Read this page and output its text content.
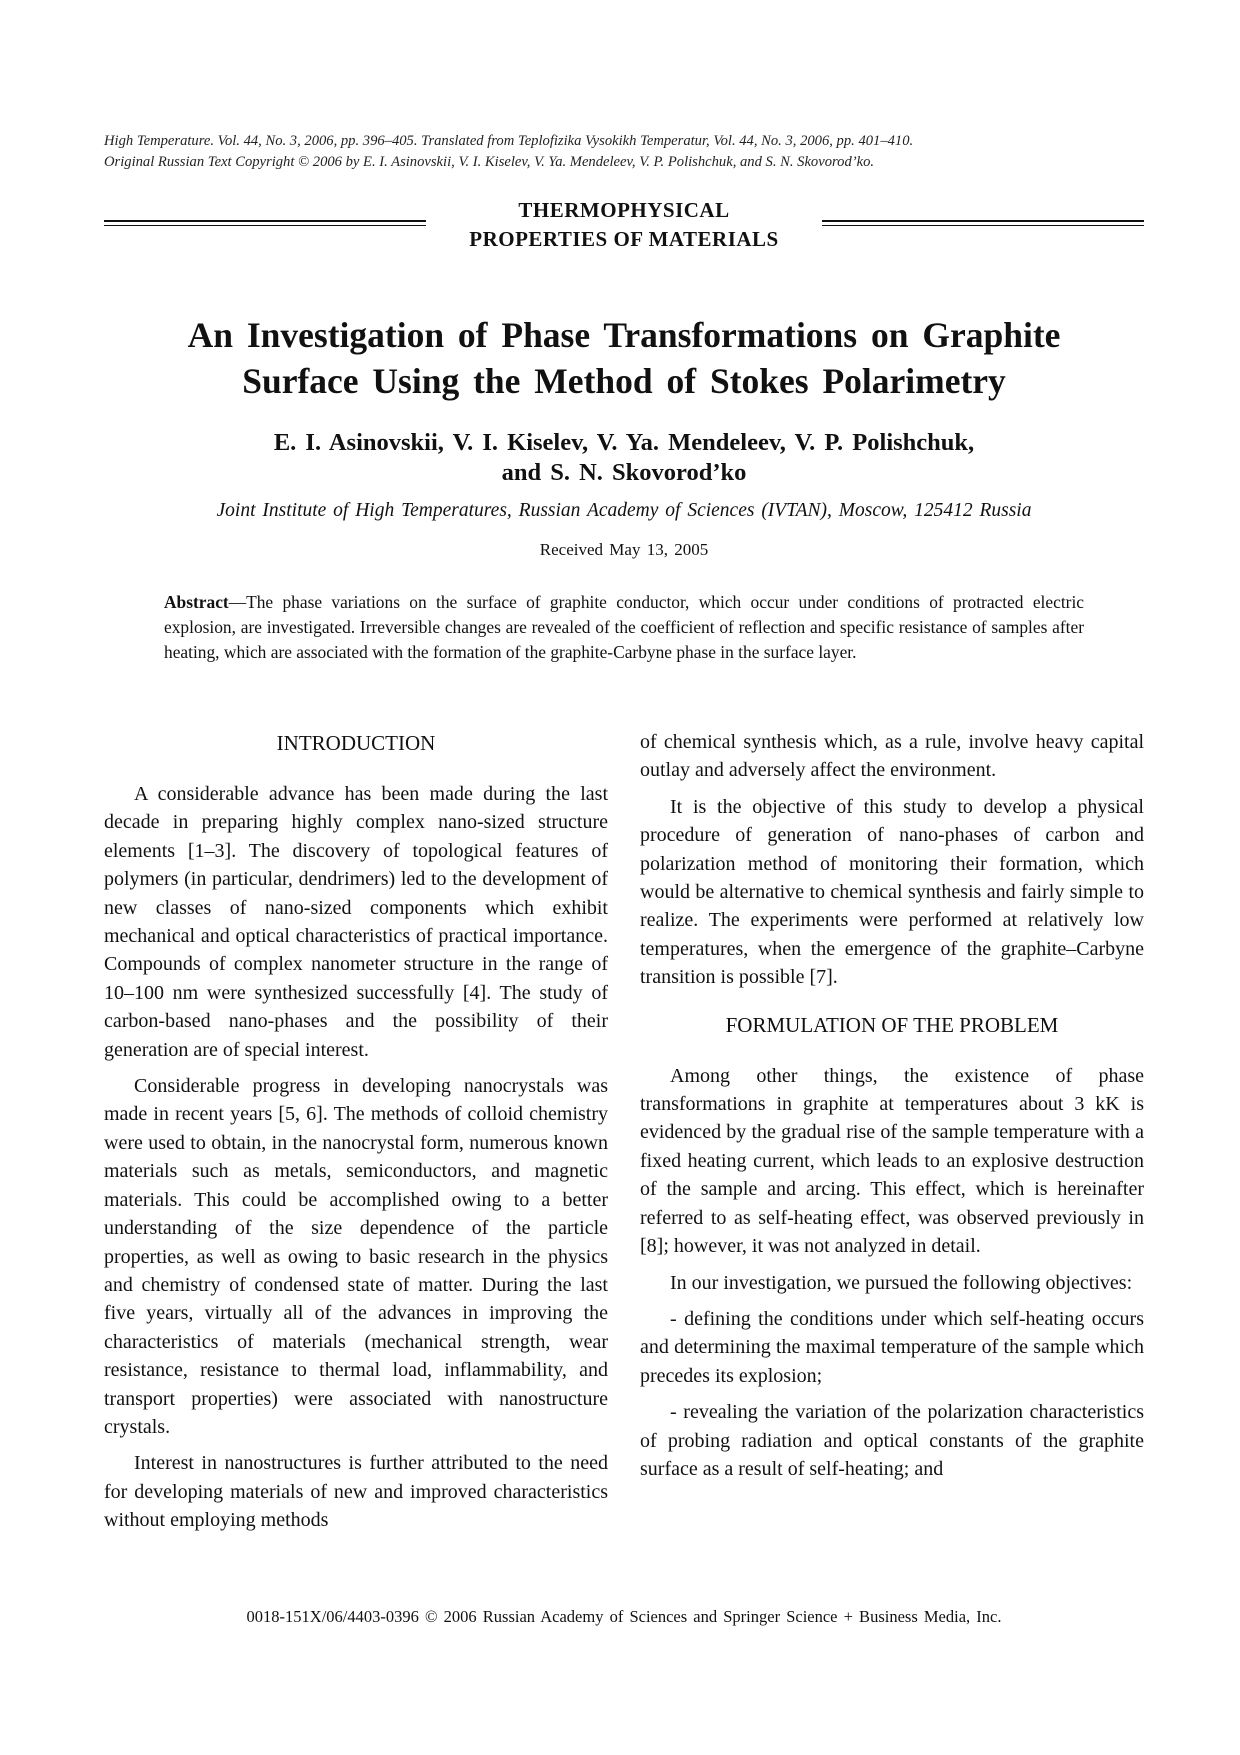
High Temperature. Vol. 44, No. 3, 2006, pp. 396–405. Translated from Teplofizika Vysokikh Temperatur, Vol. 44, No. 3, 2006, pp. 401–410.
Original Russian Text Copyright © 2006 by E. I. Asinovskii, V. I. Kiselev, V. Ya. Mendeleev, V. P. Polishchuk, and S. N. Skovorod’ko.
THERMOPHYSICAL
PROPERTIES OF MATERIALS
An Investigation of Phase Transformations on Graphite
Surface Using the Method of Stokes Polarimetry
E. I. Asinovskii, V. I. Kiselev, V. Ya. Mendeleev, V. P. Polishchuk,
and S. N. Skovorod’ko
Joint Institute of High Temperatures, Russian Academy of Sciences (IVTAN), Moscow, 125412 Russia
Received May 13, 2005
Abstract—The phase variations on the surface of graphite conductor, which occur under conditions of protracted electric explosion, are investigated. Irreversible changes are revealed of the coefficient of reflection and specific resistance of samples after heating, which are associated with the formation of the graphite-Carbyne phase in the surface layer.
INTRODUCTION

A considerable advance has been made during the last decade in preparing highly complex nano-sized structure elements [1–3]. The discovery of topological features of polymers (in particular, dendrimers) led to the development of new classes of nano-sized components which exhibit mechanical and optical characteristics of practical importance. Compounds of complex nanometer structure in the range of 10–100 nm were synthesized successfully [4]. The study of carbon-based nano-phases and the possibility of their generation are of special interest.

Considerable progress in developing nanocrystals was made in recent years [5, 6]. The methods of colloid chemistry were used to obtain, in the nanocrystal form, numerous known materials such as metals, semiconductors, and magnetic materials. This could be accomplished owing to a better understanding of the size dependence of the particle properties, as well as owing to basic research in the physics and chemistry of condensed state of matter. During the last five years, virtually all of the advances in improving the characteristics of materials (mechanical strength, wear resistance, resistance to thermal load, inflammability, and transport properties) were associated with nanostructure crystals.

Interest in nanostructures is further attributed to the need for developing materials of new and improved characteristics without employing methods

of chemical synthesis which, as a rule, involve heavy capital outlay and adversely affect the environment.

It is the objective of this study to develop a physical procedure of generation of nano-phases of carbon and polarization method of monitoring their formation, which would be alternative to chemical synthesis and fairly simple to realize. The experiments were performed at relatively low temperatures, when the emergence of the graphite–Carbyne transition is possible [7].

FORMULATION OF THE PROBLEM

Among other things, the existence of phase transformations in graphite at temperatures about 3 kK is evidenced by the gradual rise of the sample temperature with a fixed heating current, which leads to an explosive destruction of the sample and arcing. This effect, which is hereinafter referred to as self-heating effect, was observed previously in [8]; however, it was not analyzed in detail.

In our investigation, we pursued the following objectives:

- defining the conditions under which self-heating occurs and determining the maximal temperature of the sample which precedes its explosion;

- revealing the variation of the polarization characteristics of probing radiation and optical constants of the graphite surface as a result of self-heating; and

0018-151X/06/4403-0396 © 2006 Russian Academy of Sciences and Springer Science + Business Media, Inc.
